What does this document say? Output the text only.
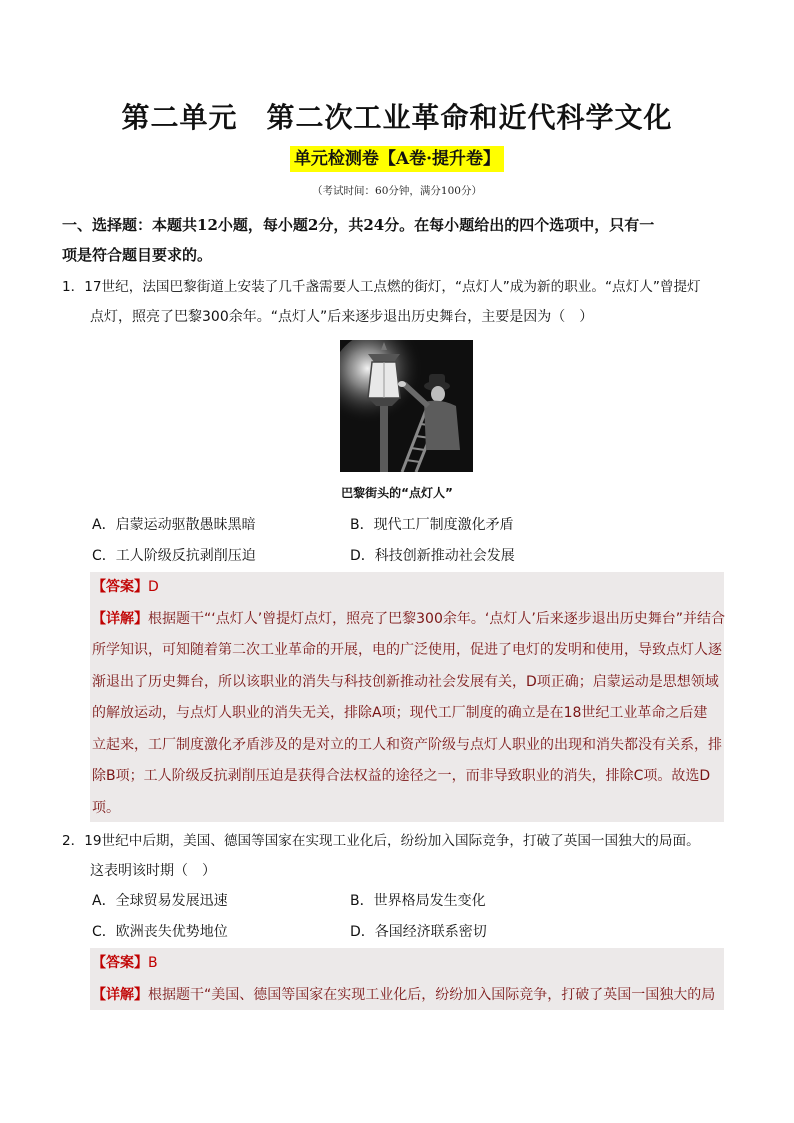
第二单元　第二次工业革命和近代科学文化
单元检测卷【A卷·提升卷】
（考试时间：60分钟，满分100分）
一、选择题：本题共12小题，每小题2分，共24分。在每小题给出的四个选项中，只有一
项是符合题目要求的。
1．17世纪，法国巴黎街道上安装了几千盏需要人工点燃的街灯，“点灯人”成为新的职业。“点灯人”曾提灯
点灯，照亮了巴黎300余年。“点灯人”后来逐步退出历史舞台，主要是因为（　）
巴黎街头的“点灯人”
A．启蒙运动驱散愚昧黑暗	B．现代工厂制度激化矛盾
C．工人阶级反抗剥削压迫	D．科技创新推动社会发展
【答案】D
【详解】根据题干“‘点灯人’曾提灯点灯，照亮了巴黎300余年。‘点灯人’后来逐步退出历史舞台”并结合
所学知识，可知随着第二次工业革命的开展，电的广泛使用，促进了电灯的发明和使用，导致点灯人逐
渐退出了历史舞台，所以该职业的消失与科技创新推动社会发展有关，D项正确；启蒙运动是思想领域
的解放运动，与点灯人职业的消失无关，排除A项；现代工厂制度的确立是在18世纪工业革命之后建
立起来，工厂制度激化矛盾涉及的是对立的工人和资产阶级与点灯人职业的出现和消失都没有关系，排
除B项；工人阶级反抗剥削压迫是获得合法权益的途径之一，而非导致职业的消失，排除C项。故选D
项。
2．19世纪中后期，美国、德国等国家在实现工业化后，纷纷加入国际竞争，打破了英国一国独大的局面。
这表明该时期（　）
A．全球贸易发展迅速	B．世界格局发生变化
C．欧洲丧失优势地位	D．各国经济联系密切
【答案】B
【详解】根据题干“美国、德国等国家在实现工业化后，纷纷加入国际竞争，打破了英国一国独大的局
